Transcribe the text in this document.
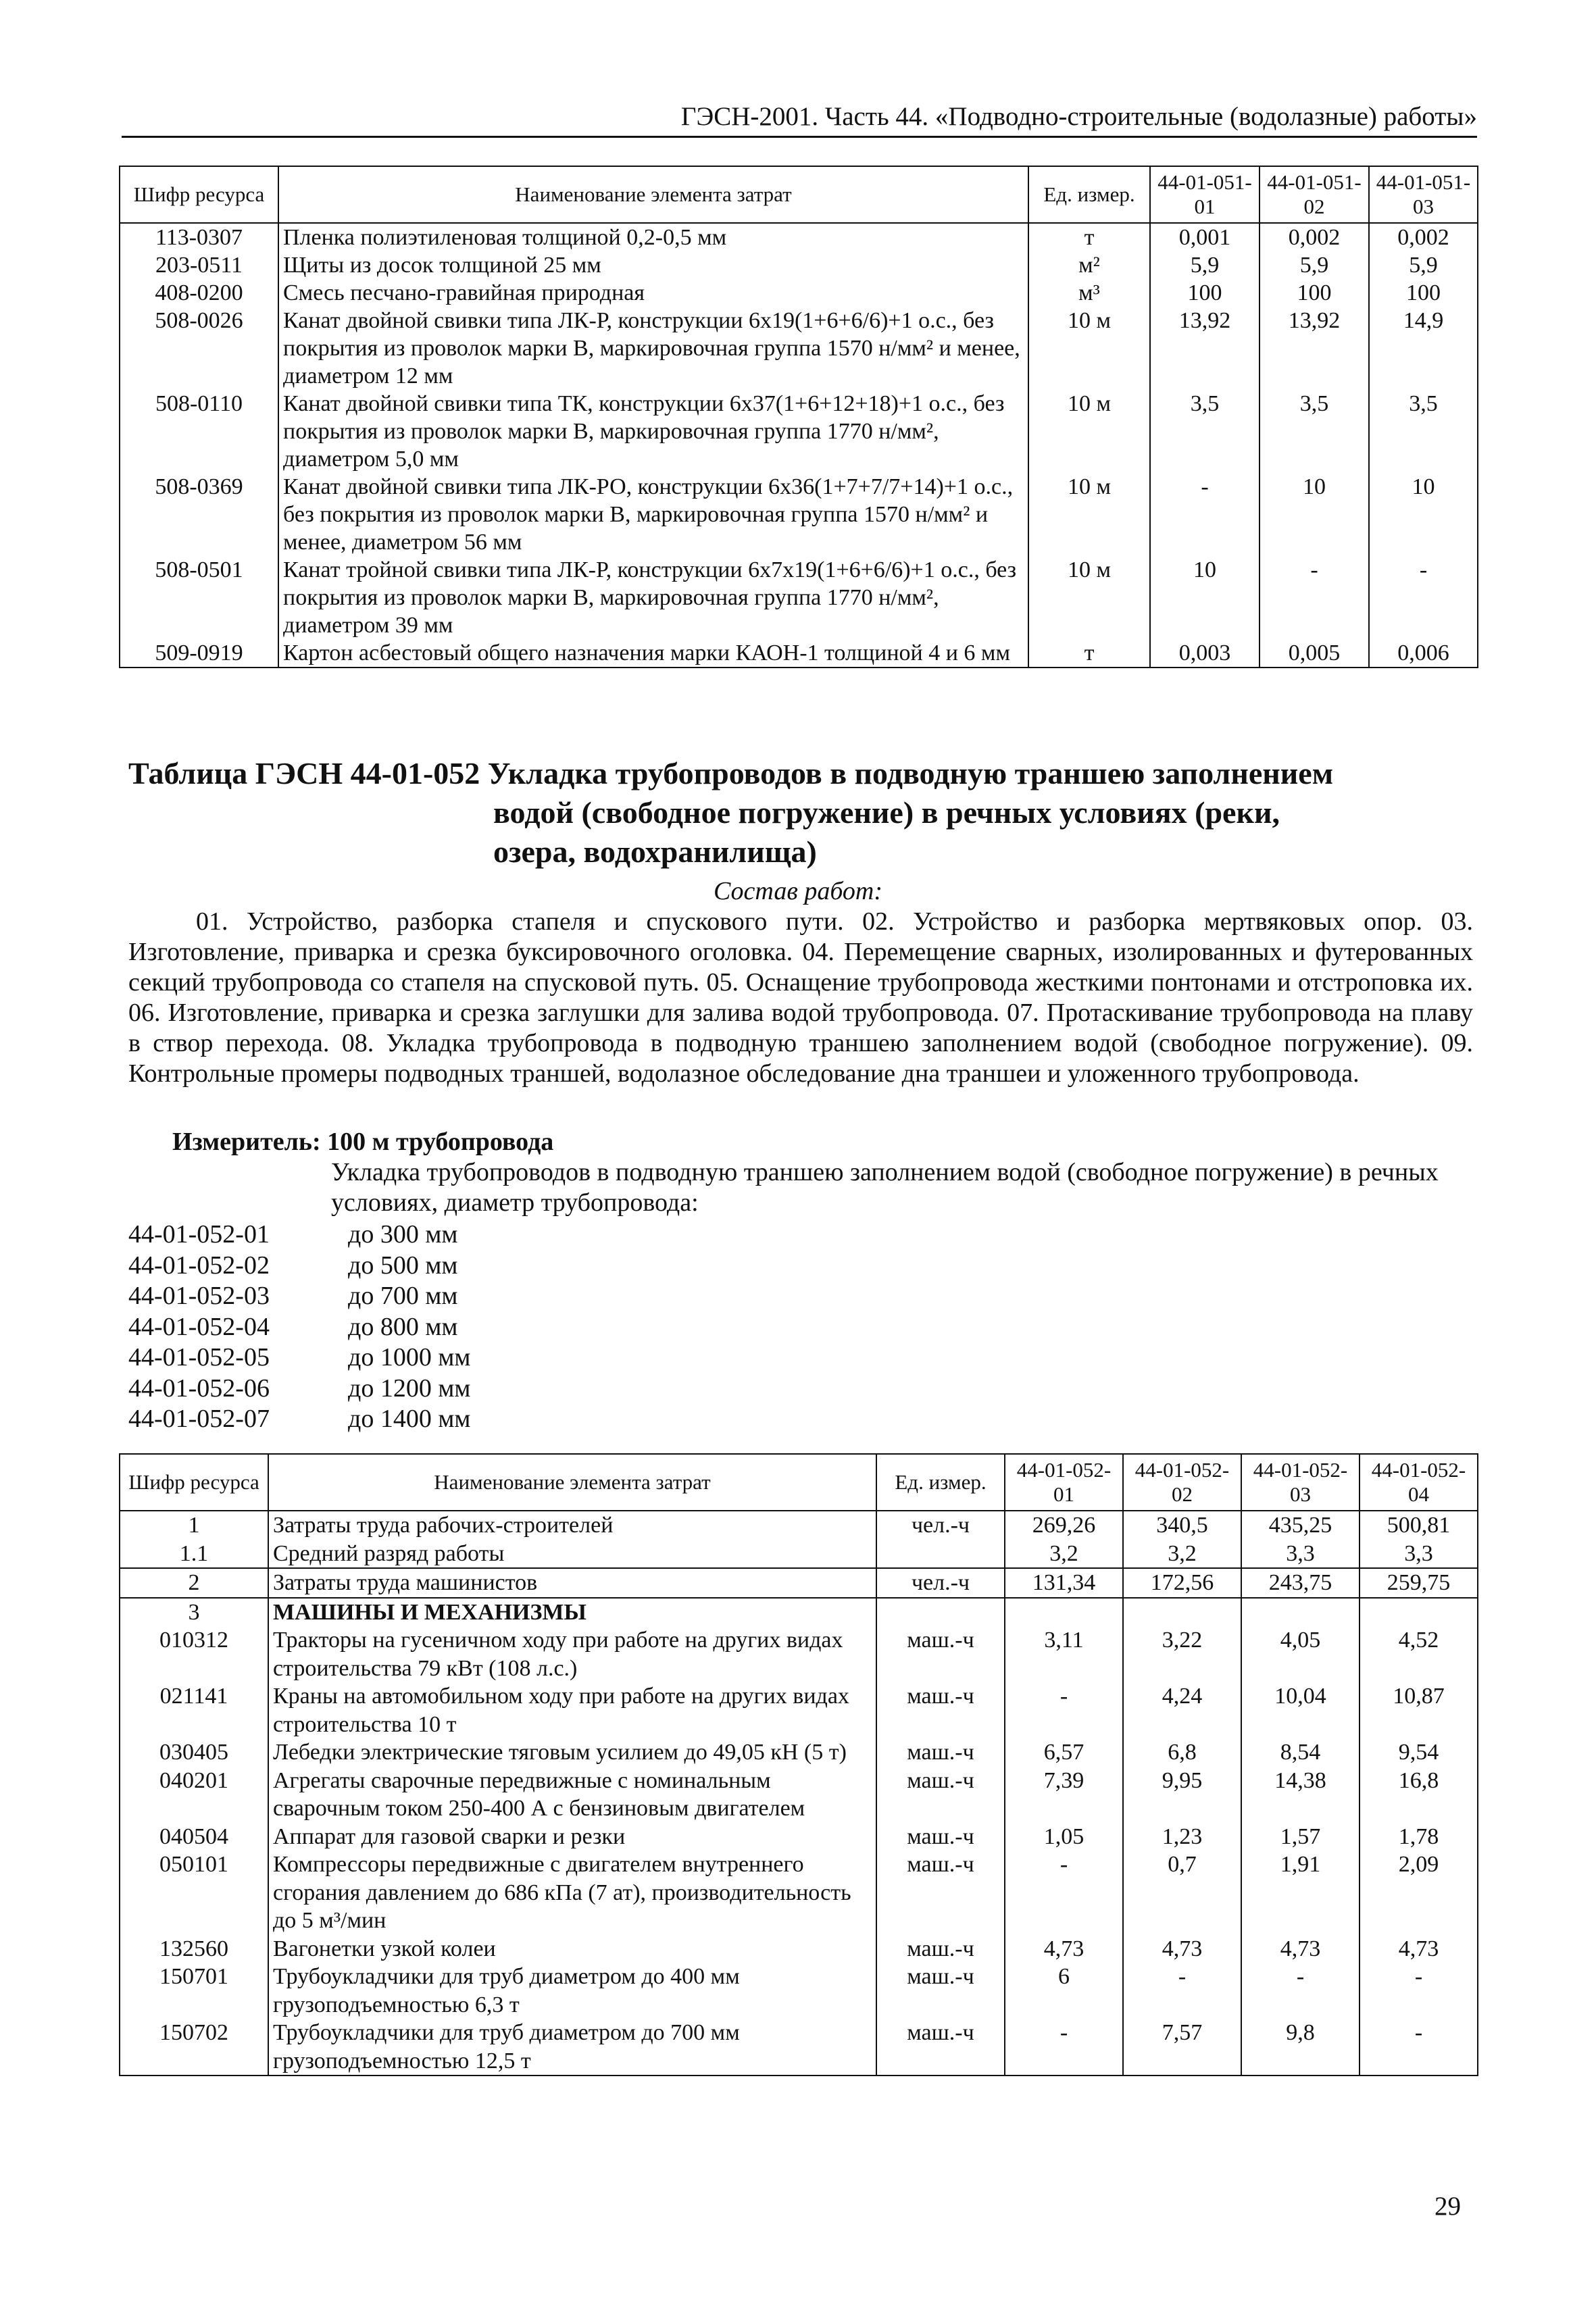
ГЭСН-2001. Часть 44. «Подводно-строительные (водолазные) работы»
Шифр ресурса	Наименование элемента затрат	Ед. измер.	44-01-051-01	44-01-051-02	44-01-051-03
113-0307	Пленка полиэтиленовая толщиной 0,2-0,5 мм	т	0,001	0,002	0,002
203-0511	Щиты из досок толщиной 25 мм	м²	5,9	5,9	5,9
408-0200	Смесь песчано-гравийная природная	м³	100	100	100
508-0026	Канат двойной свивки типа ЛК-Р, конструкции 6х19(1+6+6/6)+1 о.с., без покрытия из проволок марки В, маркировочная группа 1570 н/мм² и менее, диаметром 12 мм	10 м	13,92	13,92	14,9
508-0110	Канат двойной свивки типа ТК, конструкции 6х37(1+6+12+18)+1 о.с., без покрытия из проволок марки В, маркировочная группа 1770 н/мм², диаметром 5,0 мм	10 м	3,5	3,5	3,5
508-0369	Канат двойной свивки типа ЛК-РО, конструкции 6х36(1+7+7/7+14)+1 о.с., без покрытия из проволок марки В, маркировочная группа 1570 н/мм² и менее, диаметром 56 мм	10 м	-	10	10
508-0501	Канат тройной свивки типа ЛК-Р, конструкции 6х7х19(1+6+6/6)+1 о.с., без покрытия из проволок марки В, маркировочная группа 1770 н/мм², диаметром 39 мм	10 м	10	-	-
509-0919	Картон асбестовый общего назначения марки КАОН-1 толщиной 4 и 6 мм	т	0,003	0,005	0,006
Таблица ГЭСН 44-01-052 Укладка трубопроводов в подводную траншею заполнением
водой (свободное погружение) в речных условиях (реки,
озера, водохранилища)
Состав работ:
01. Устройство, разборка стапеля и спускового пути. 02. Устройство и разборка мертвяковых опор. 03. Изготовление, приварка и срезка буксировочного оголовка. 04. Перемещение сварных, изолированных и футерованных секций трубопровода со стапеля на спусковой путь. 05. Оснащение трубопровода жесткими понтонами и отстроповка их. 06. Изготовление, приварка и срезка заглушки для залива водой трубопровода. 07. Протаскивание трубопровода на плаву в створ перехода. 08. Укладка трубопровода в подводную траншею заполнением водой (свободное погружение). 09. Контрольные промеры подводных траншей, водолазное обследование дна траншеи и уложенного трубопровода.
Измеритель: 100 м трубопровода
Укладка трубопроводов в подводную траншею заполнением водой (свободное погружение) в речных условиях, диаметр трубопровода:
44-01-052-01	до 300 мм
44-01-052-02	до 500 мм
44-01-052-03	до 700 мм
44-01-052-04	до 800 мм
44-01-052-05	до 1000 мм
44-01-052-06	до 1200 мм
44-01-052-07	до 1400 мм
Шифр ресурса	Наименование элемента затрат	Ед. измер.	44-01-052-01	44-01-052-02	44-01-052-03	44-01-052-04
1	Затраты труда рабочих-строителей	чел.-ч	269,26	340,5	435,25	500,81
1.1	Средний разряд работы		3,2	3,2	3,3	3,3
2	Затраты труда машинистов	чел.-ч	131,34	172,56	243,75	259,75
3	МАШИНЫ И МЕХАНИЗМЫ					
010312	Тракторы на гусеничном ходу при работе на других видах строительства 79 кВт (108 л.с.)	маш.-ч	3,11	3,22	4,05	4,52
021141	Краны на автомобильном ходу при работе на других видах строительства 10 т	маш.-ч	-	4,24	10,04	10,87
030405	Лебедки электрические тяговым усилием до 49,05 кН (5 т)	маш.-ч	6,57	6,8	8,54	9,54
040201	Агрегаты сварочные передвижные с номинальным сварочным током 250-400 А с бензиновым двигателем	маш.-ч	7,39	9,95	14,38	16,8
040504	Аппарат для газовой сварки и резки	маш.-ч	1,05	1,23	1,57	1,78
050101	Компрессоры передвижные с двигателем внутреннего сгорания давлением до 686 кПа (7 ат), производительность до 5 м³/мин	маш.-ч	-	0,7	1,91	2,09
132560	Вагонетки узкой колеи	маш.-ч	4,73	4,73	4,73	4,73
150701	Трубоукладчики для труб диаметром до 400 мм грузоподъемностью 6,3 т	маш.-ч	6	-	-	-
150702	Трубоукладчики для труб диаметром до 700 мм грузоподъемностью 12,5 т	маш.-ч	-	7,57	9,8	-
29
